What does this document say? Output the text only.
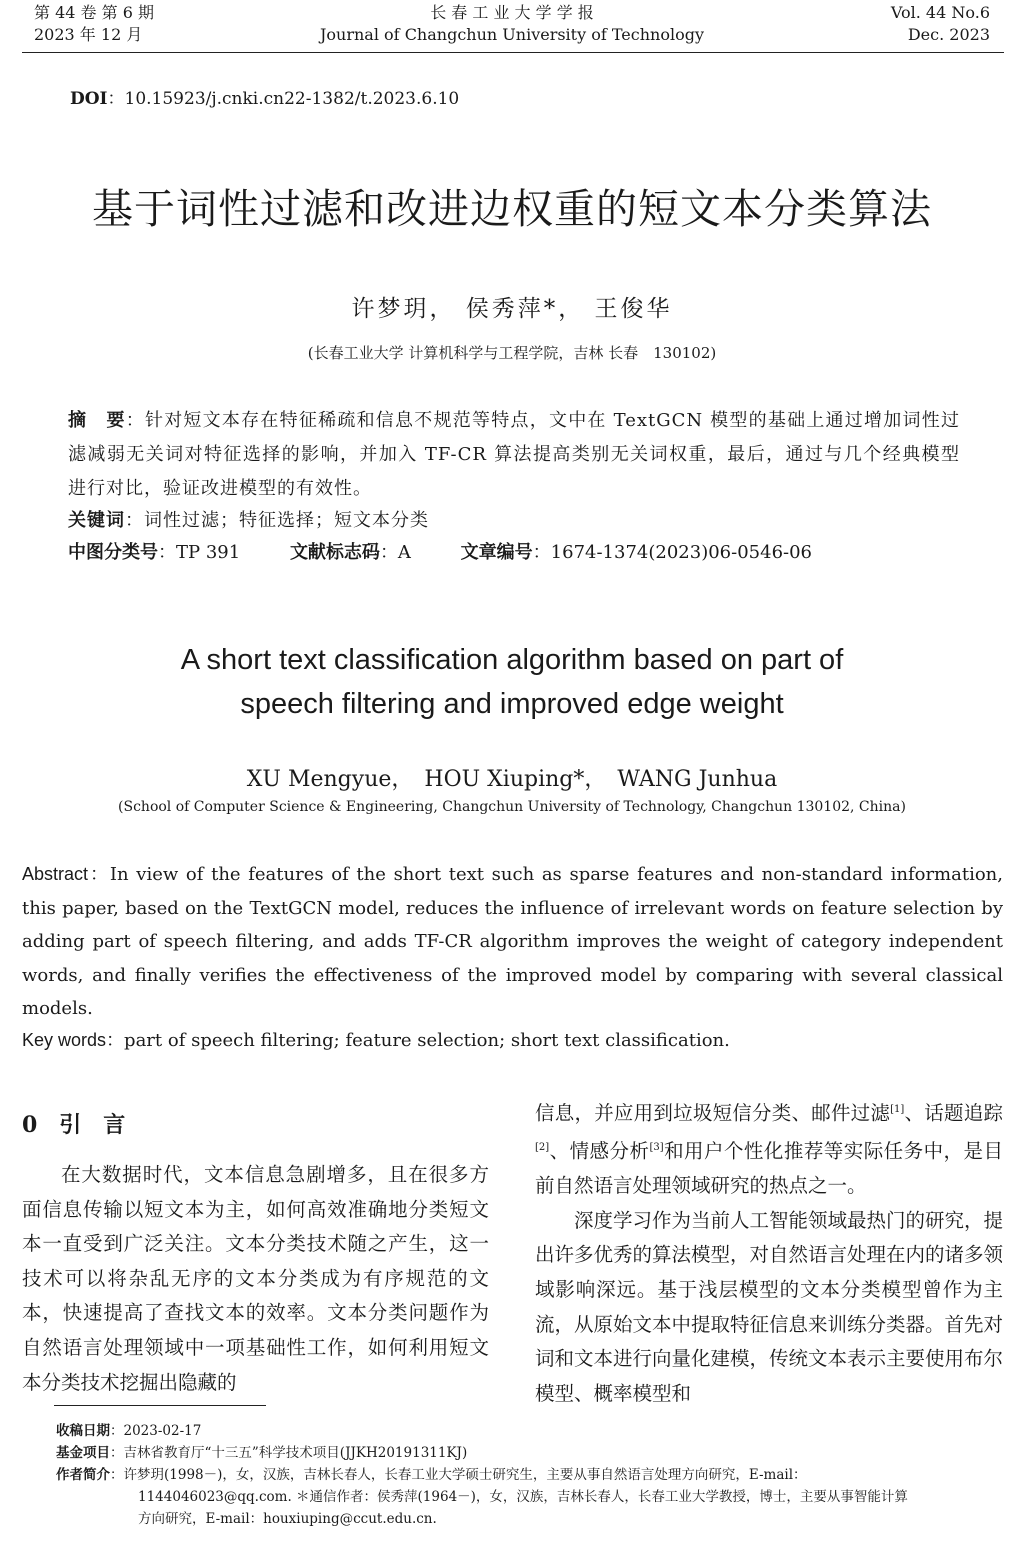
第 44 卷 第 6 期
2023 年 12 月
长 春 工 业 大 学 学 报
Journal of Changchun University of Technology
Vol. 44 No.6
Dec. 2023
DOI：10.15923/j.cnki.cn22-1382/t.2023.6.10
基于词性过滤和改进边权重的短文本分类算法
许梦玥， 侯秀萍*， 王俊华
(长春工业大学 计算机科学与工程学院，吉林 长春　130102)
摘　要：针对短文本存在特征稀疏和信息不规范等特点，文中在 TextGCN 模型的基础上通过增加词性过滤减弱无关词对特征选择的影响，并加入 TF-CR 算法提高类别无关词权重，最后，通过与几个经典模型进行对比，验证改进模型的有效性。
关键词：词性过滤；特征选择；短文本分类
中图分类号：TP 391	文献标志码：A	文章编号：1674-1374(2023)06-0546-06
A short text classification algorithm based on part of
speech filtering and improved edge weight
XU Mengyue，　HOU Xiuping*，　WANG Junhua
(School of Computer Science & Engineering, Changchun University of Technology, Changchun 130102, China)
Abstract：In view of the features of the short text such as sparse features and non-standard information, this paper, based on the TextGCN model, reduces the influence of irrelevant words on feature selection by adding part of speech filtering, and adds TF-CR algorithm improves the weight of category independent words, and finally verifies the effectiveness of the improved model by comparing with several classical models.
Key words：part of speech filtering; feature selection; short text classification.
0　引　言

在大数据时代，文本信息急剧增多，且在很多方面信息传输以短文本为主，如何高效准确地分类短文本一直受到广泛关注。文本分类技术随之产生，这一技术可以将杂乱无序的文本分类成为有序规范的文本，快速提高了查找文本的效率。文本分类问题作为自然语言处理领域中一项基础性工作，如何利用短文本分类技术挖掘出隐藏的

信息，并应用到垃圾短信分类、邮件过滤[1]、话题追踪[2]、情感分析[3]和用户个性化推荐等实际任务中，是目前自然语言处理领域研究的热点之一。

深度学习作为当前人工智能领域最热门的研究，提出许多优秀的算法模型，对自然语言处理在内的诸多领域影响深远。基于浅层模型的文本分类模型曾作为主流，从原始文本中提取特征信息来训练分类器。首先对词和文本进行向量化建模，传统文本表示主要使用布尔模型、概率模型和

收稿日期：2023-02-17
基金项目：吉林省教育厅“十三五”科学技术项目(JJKH20191311KJ)
作者简介：许梦玥(1998－)，女，汉族，吉林长春人，长春工业大学硕士研究生，主要从事自然语言处理方向研究，E-mail：
1144046023@qq.com. ＊通信作者：侯秀萍(1964－)，女，汉族，吉林长春人，长春工业大学教授，博士，主要从事智能计算
方向研究，E-mail：houxiuping@ccut.edu.cn.
